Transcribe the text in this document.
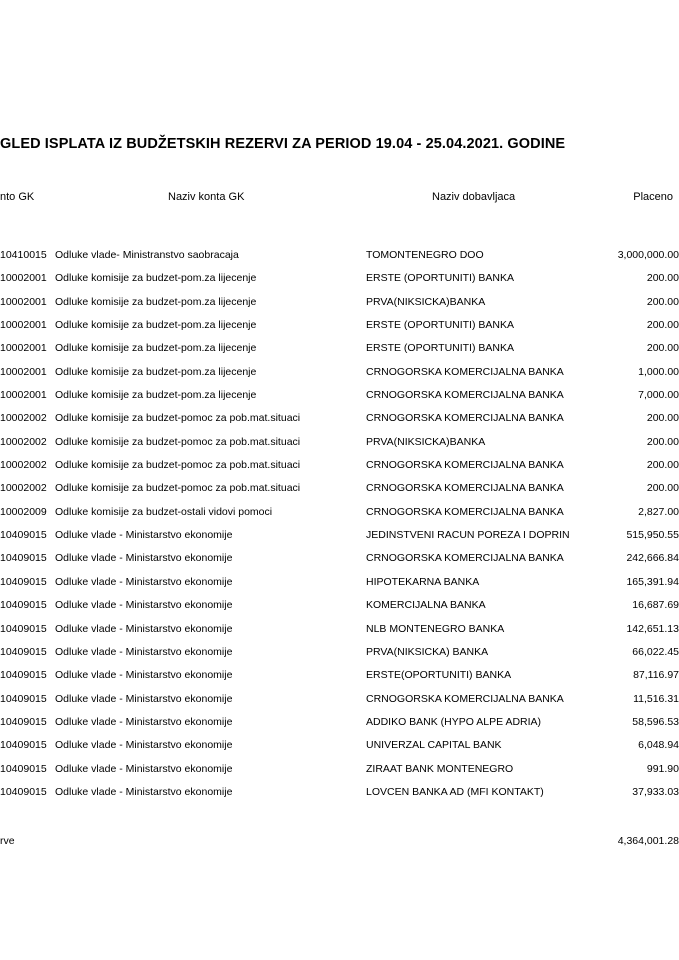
GLED ISPLATA IZ BUDŽETSKIH REZERVI ZA PERIOD 19.04 - 25.04.2021. GODINE
nto GK	Naziv konta GK	Naziv dobavljaca	Placeno
10410015 Odluke vlade- Ministranstvo saobracaja	TOMONTENEGRO DOO	3,000,000.00
10002001 Odluke komisije za budzet-pom.za lijecenje	ERSTE (OPORTUNITI) BANKA	200.00
10002001 Odluke komisije za budzet-pom.za lijecenje	PRVA(NIKSICKA)BANKA	200.00
10002001 Odluke komisije za budzet-pom.za lijecenje	ERSTE (OPORTUNITI) BANKA	200.00
10002001 Odluke komisije za budzet-pom.za lijecenje	ERSTE (OPORTUNITI) BANKA	200.00
10002001 Odluke komisije za budzet-pom.za lijecenje	CRNOGORSKA KOMERCIJALNA BANKA	1,000.00
10002001 Odluke komisije za budzet-pom.za lijecenje	CRNOGORSKA KOMERCIJALNA BANKA	7,000.00
10002002 Odluke komisije za budzet-pomoc za pob.mat.situaci	CRNOGORSKA KOMERCIJALNA BANKA	200.00
10002002 Odluke komisije za budzet-pomoc za pob.mat.situaci	PRVA(NIKSICKA)BANKA	200.00
10002002 Odluke komisije za budzet-pomoc za pob.mat.situaci	CRNOGORSKA KOMERCIJALNA BANKA	200.00
10002002 Odluke komisije za budzet-pomoc za pob.mat.situaci	CRNOGORSKA KOMERCIJALNA BANKA	200.00
10002009 Odluke komisije za budzet-ostali vidovi pomoci	CRNOGORSKA KOMERCIJALNA BANKA	2,827.00
10409015 Odluke vlade - Ministarstvo ekonomije	JEDINSTVENI RACUN POREZA I DOPRIN	515,950.55
10409015 Odluke vlade - Ministarstvo ekonomije	CRNOGORSKA KOMERCIJALNA BANKA	242,666.84
10409015 Odluke vlade - Ministarstvo ekonomije	HIPOTEKARNA BANKA	165,391.94
10409015 Odluke vlade - Ministarstvo ekonomije	KOMERCIJALNA BANKA	16,687.69
10409015 Odluke vlade - Ministarstvo ekonomije	NLB MONTENEGRO BANKA	142,651.13
10409015 Odluke vlade - Ministarstvo ekonomije	PRVA(NIKSICKA) BANKA	66,022.45
10409015 Odluke vlade - Ministarstvo ekonomije	ERSTE(OPORTUNITI) BANKA	87,116.97
10409015 Odluke vlade - Ministarstvo ekonomije	CRNOGORSKA KOMERCIJALNA BANKA	11,516.31
10409015 Odluke vlade - Ministarstvo ekonomije	ADDIKO BANK (HYPO ALPE ADRIA)	58,596.53
10409015 Odluke vlade - Ministarstvo ekonomije	UNIVERZAL CAPITAL BANK	6,048.94
10409015 Odluke vlade - Ministarstvo ekonomije	ZIRAAT BANK MONTENEGRO	991.90
10409015 Odluke vlade - Ministarstvo ekonomije	LOVCEN BANKA AD (MFI KONTAKT)	37,933.03
rve	4,364,001.28
